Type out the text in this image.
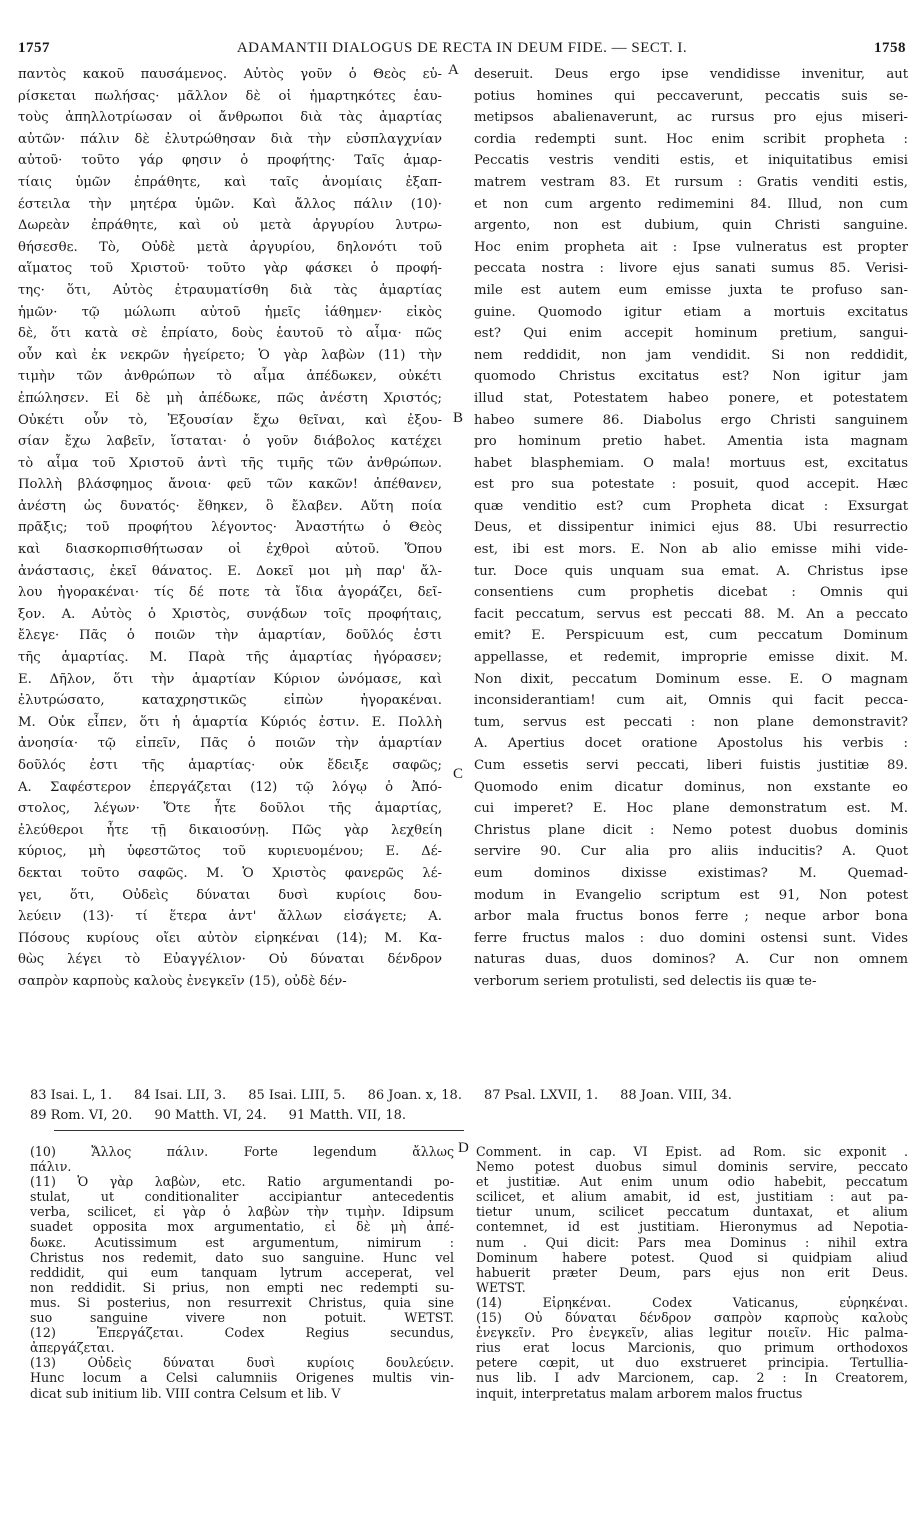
1757	ADAMANTII DIALOGUS DE RECTA IN DEUM FIDE. — SECT. I.	1758
παντὸς κακοῦ παυσάμενος. Αὐτὸς γοῦν ὁ Θεὸς εὑ-
ρίσκεται πωλήσας· μᾶλλον δὲ οἱ ἡμαρτηκότες ἑαυ-
τοὺς ἀπηλλοτρίωσαν οἱ ἄνθρωποι διὰ τὰς ἁμαρτίας
αὐτῶν· πάλιν δὲ ἐλυτρώθησαν διὰ τὴν εὐσπλαγχνίαν
αὐτοῦ· τοῦτο γάρ φησιν ὁ προφήτης· Ταῖς ἁμαρ-
τίαις ὑμῶν ἐπράθητε, καὶ ταῖς ἀνομίαις ἐξαπ-
έστειλα τὴν μητέρα ὑμῶν. Καὶ ἄλλος πάλιν (10)·
Δωρεὰν ἐπράθητε, καὶ οὐ μετὰ ἀργυρίου λυτρω-
θήσεσθε. Τὸ, Οὐδὲ μετὰ ἀργυρίου, δηλονότι τοῦ
αἵματος τοῦ Χριστοῦ· τοῦτο γὰρ φάσκει ὁ προφή-
της· ὅτι, Αὐτὸς ἐτραυματίσθη διὰ τὰς ἁμαρτίας
ἡμῶν· τῷ μώλωπι αὐτοῦ ἡμεῖς ἰάθημεν· εἰκὸς
δὲ, ὅτι κατὰ σὲ ἐπρίατο, δοὺς ἑαυτοῦ τὸ αἷμα· πῶς
οὖν καὶ ἐκ νεκρῶν ἠγείρετο; Ὁ γὰρ λαβὼν (11) τὴν
τιμὴν τῶν ἀνθρώπων τὸ αἷμα ἀπέδωκεν, οὐκέτι
ἐπώλησεν. Εἰ δὲ μὴ ἀπέδωκε, πῶς ἀνέστη Χριστός;
Οὐκέτι οὖν τὸ, Ἐξουσίαν ἔχω θεῖναι, καὶ ἐξου-
σίαν ἔχω λαβεῖν, ἵσταται· ὁ γοῦν διάβολος κατέχει
τὸ αἷμα τοῦ Χριστοῦ ἀντὶ τῆς τιμῆς τῶν ἀνθρώπων.
Πολλὴ βλάσφημος ἄνοια· φεῦ τῶν κακῶν! ἀπέθανεν,
ἀνέστη ὡς δυνατός· ἔθηκεν, ὃ ἔλαβεν. Αὕτη ποία
πρᾶξις; τοῦ προφήτου λέγοντος· Ἀναστήτω ὁ Θεὸς
καὶ διασκορπισθήτωσαν οἱ ἐχθροὶ αὐτοῦ. Ὅπου
ἀνάστασις, ἐκεῖ θάνατος. Ε. Δοκεῖ μοι μὴ παρ' ἄλ-
λου ἠγορακέναι· τίς δέ ποτε τὰ ἴδια ἀγοράζει, δεῖ-
ξον. Α. Αὐτὸς ὁ Χριστὸς, συνᾴδων τοῖς προφήταις,
ἔλεγε· Πᾶς ὁ ποιῶν τὴν ἁμαρτίαν, δοῦλός ἐστι
τῆς ἁμαρτίας. Μ. Παρὰ τῆς ἁμαρτίας ἠγόρασεν;
Ε. Δῆλον, ὅτι τὴν ἁμαρτίαν Κύριον ὠνόμασε, καὶ
ἐλυτρώσατο, καταχρηστικῶς εἰπὼν ἠγορακέναι.
Μ. Οὐκ εἶπεν, ὅτι ἡ ἁμαρτία Κύριός ἐστιν. Ε. Πολλὴ
ἀνοησία· τῷ εἰπεῖν, Πᾶς ὁ ποιῶν τὴν ἁμαρτίαν
δοῦλός ἐστι τῆς ἁμαρτίας· οὐκ ἔδειξε σαφῶς;
Α. Σαφέστερον ἐπεργάζεται (12) τῷ λόγῳ ὁ Ἀπό-
στολος, λέγων· Ὅτε ἦτε δοῦλοι τῆς ἁμαρτίας,
ἐλεύθεροι ἦτε τῇ δικαιοσύνῃ. Πῶς γὰρ λεχθείη
κύριος, μὴ ὑφεστῶτος τοῦ κυριευομένου; Ε. Δέ-
δεκται τοῦτο σαφῶς. Μ. Ὁ Χριστὸς φανερῶς λέ-
γει, ὅτι, Οὐδεὶς δύναται δυσὶ κυρίοις δου-
λεύειν (13)· τί ἕτερα ἀντ' ἄλλων εἰσάγετε; Α.
Πόσους κυρίους οἴει αὐτὸν εἰρηκέναι (14); Μ. Κα-
θὼς λέγει τὸ Εὐαγγέλιον· Οὐ δύναται δένδρον
σαπρὸν καρποὺς καλοὺς ἐνεγκεῖν (15), οὐδὲ δέν-
deseruit. Deus ergo ipse vendidisse invenitur, aut
potius homines qui peccaverunt, peccatis suis se-
metipsos abalienaverunt, ac rursus pro ejus miseri-
cordia redempti sunt. Hoc enim scribit propheta :
Peccatis vestris venditi estis, et iniquitatibus emisi
matrem vestram 83. Et rursum : Gratis venditi estis,
et non cum argento redimemini 84. Illud, non cum
argento, non est dubium, quin Christi sanguine.
Hoc enim propheta ait : Ipse vulneratus est propter
peccata nostra : livore ejus sanati sumus 85. Verisi-
mile est autem eum emisse juxta te profuso san-
guine. Quomodo igitur etiam a mortuis excitatus
est? Qui enim accepit hominum pretium, sangui-
nem reddidit, non jam vendidit. Si non reddidit,
quomodo Christus excitatus est? Non igitur jam
illud stat, Potestatem habeo ponere, et potestatem
habeo sumere 86. Diabolus ergo Christi sanguinem
pro hominum pretio habet. Amentia ista magnam
habet blasphemiam. O mala! mortuus est, excitatus
est pro sua potestate : posuit, quod accepit. Hæc
quæ venditio est? cum Propheta dicat : Exsurgat
Deus, et dissipentur inimici ejus 88. Ubi resurrectio
est, ibi est mors. E. Non ab alio emisse mihi vide-
tur. Doce quis unquam sua emat. A. Christus ipse
consentiens cum prophetis dicebat : Omnis qui
facit peccatum, servus est peccati 88. M. An a peccato
emit? E. Perspicuum est, cum peccatum Dominum
appellasse, et redemit, improprie emisse dixit. M.
Non dixit, peccatum Dominum esse. E. O magnam
inconsiderantiam! cum ait, Omnis qui facit pecca-
tum, servus est peccati : non plane demonstravit?
A. Apertius docet oratione Apostolus his verbis :
Cum essetis servi peccati, liberi fuistis justitiæ 89.
Quomodo enim dicatur dominus, non exstante eo
cui imperet? E. Hoc plane demonstratum est. M.
Christus plane dicit : Nemo potest duobus dominis
servire 90. Cur alia pro aliis inducitis? A. Quot
eum dominos dixisse existimas? M. Quemad-
modum in Evangelio scriptum est 91, Non potest
arbor mala fructus bonos ferre ; neque arbor bona
ferre fructus malos : duo domini ostensi sunt. Vides
naturas duas, duos dominos? A. Cur non omnem
verborum seriem protulisti, sed delectis iis quæ te-
A
B
C
D
83 Isai. L, 1. 84 Isai. LII, 3. 85 Isai. LIII, 5. 86 Joan. x, 18. 87 Psal. LXVII, 1. 88 Joan. VIII, 34.
89 Rom. VI, 20. 90 Matth. VI, 24. 91 Matth. VII, 18.
(10) Ἄλλος πάλιν. Forte legendum ἄλλως
πάλιν.
(11) Ὁ γὰρ λαβὼν, etc. Ratio argumentandi po-
stulat, ut conditionaliter accipiantur antecedentis
verba, scilicet, εἰ γὰρ ὁ λαβὼν τὴν τιμὴν. Idipsum
suadet opposita mox argumentatio, εἰ δὲ μὴ ἀπέ-
δωκε. Acutissimum est argumentum, nimirum :
Christus nos redemit, dato suo sanguine. Hunc vel
reddidit, qui eum tanquam lytrum acceperat, vel
non reddidit. Si prius, non empti nec redempti su-
mus. Si posterius, non resurrexit Christus, quia sine
suo sanguine vivere non potuit. WETST.
(12) Ἐπεργάζεται. Codex Regius secundus,
ἀπεργάζεται.
(13) Οὐδεὶς δύναται δυσὶ κυρίοις δουλεύειν.
Hunc locum a Celsi calumniis Origenes multis vin-
dicat sub initium lib. VIII contra Celsum et lib. V
Comment. in cap. VI Epist. ad Rom. sic exponit .
Nemo potest duobus simul dominis servire, peccato
et justitiæ. Aut enim unum odio habebit, peccatum
scilicet, et alium amabit, id est, justitiam : aut pa-
tietur unum, scilicet peccatum duntaxat, et alium
contemnet, id est justitiam. Hieronymus ad Nepotia-
num . Qui dicit: Pars mea Dominus : nihil extra
Dominum habere potest. Quod si quidpiam aliud
habuerit præter Deum, pars ejus non erit Deus.
WETST.
(14) Εἰρηκέναι. Codex Vaticanus, εὑρηκέναι.
(15) Οὐ δύναται δένδρον σαπρὸν καρποὺς καλοὺς
ἐνεγκεῖν. Pro ἐνεγκεῖν, alias legitur ποιεῖν. Hic palma-
rius erat locus Marcionis, quo primum orthodoxos
petere cœpit, ut duo exstrueret principia. Tertullia-
nus lib. I adv Marcionem, cap. 2 : In Creatorem,
inquit, interpretatus malam arborem malos fructus
